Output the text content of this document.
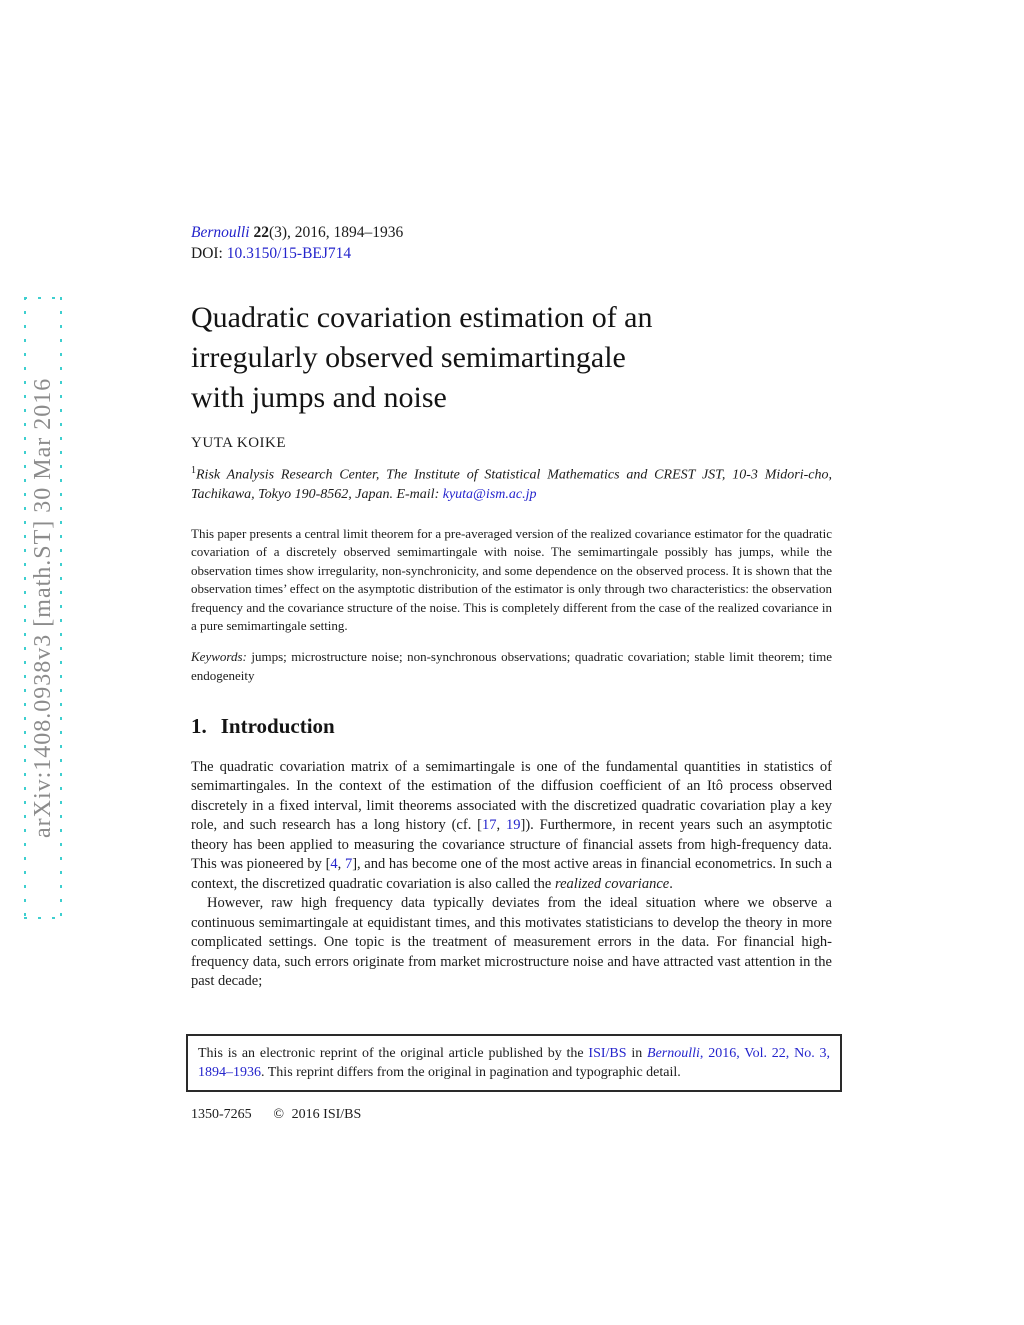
arXiv:1408.0938v3 [math.ST] 30 Mar 2016
Bernoulli 22(3), 2016, 1894–1936
DOI: 10.3150/15-BEJ714
Quadratic covariation estimation of an
irregularly observed semimartingale
with jumps and noise
YUTA KOIKE
$^1$Risk Analysis Research Center, The Institute of Statistical Mathematics and CREST JST, 10-3 Midori-cho, Tachikawa, Tokyo 190-8562, Japan. E-mail: kyuta@ism.ac.jp
This paper presents a central limit theorem for a pre-averaged version of the realized covariance estimator for the quadratic covariation of a discretely observed semimartingale with noise. The semimartingale possibly has jumps, while the observation times show irregularity, non-synchronicity, and some dependence on the observed process. It is shown that the observation times’ effect on the asymptotic distribution of the estimator is only through two characteristics: the observation frequency and the covariance structure of the noise. This is completely different from the case of the realized covariance in a pure semimartingale setting.
Keywords: jumps; microstructure noise; non-synchronous observations; quadratic covariation; stable limit theorem; time endogeneity
1. Introduction

The quadratic covariation matrix of a semimartingale is one of the fundamental quantities in statistics of semimartingales. In the context of the estimation of the diffusion coefficient of an Itô process observed discretely in a fixed interval, limit theorems associated with the discretized quadratic covariation play a key role, and such research has a long history (cf. [17, 19]). Furthermore, in recent years such an asymptotic theory has been applied to measuring the covariance structure of financial assets from high-frequency data. This was pioneered by [4, 7], and has become one of the most active areas in financial econometrics. In such a context, the discretized quadratic covariation is also called the realized covariance.

However, raw high frequency data typically deviates from the ideal situation where we observe a continuous semimartingale at equidistant times, and this motivates statisticians to develop the theory in more complicated settings. One topic is the treatment of measurement errors in the data. For financial high-frequency data, such errors originate from market microstructure noise and have attracted vast attention in the past decade;

This is an electronic reprint of the original article published by the ISI/BS in Bernoulli, 2016, Vol. 22, No. 3, 1894–1936. This reprint differs from the original in pagination and typographic detail.
1350-7265 © 2016 ISI/BS
